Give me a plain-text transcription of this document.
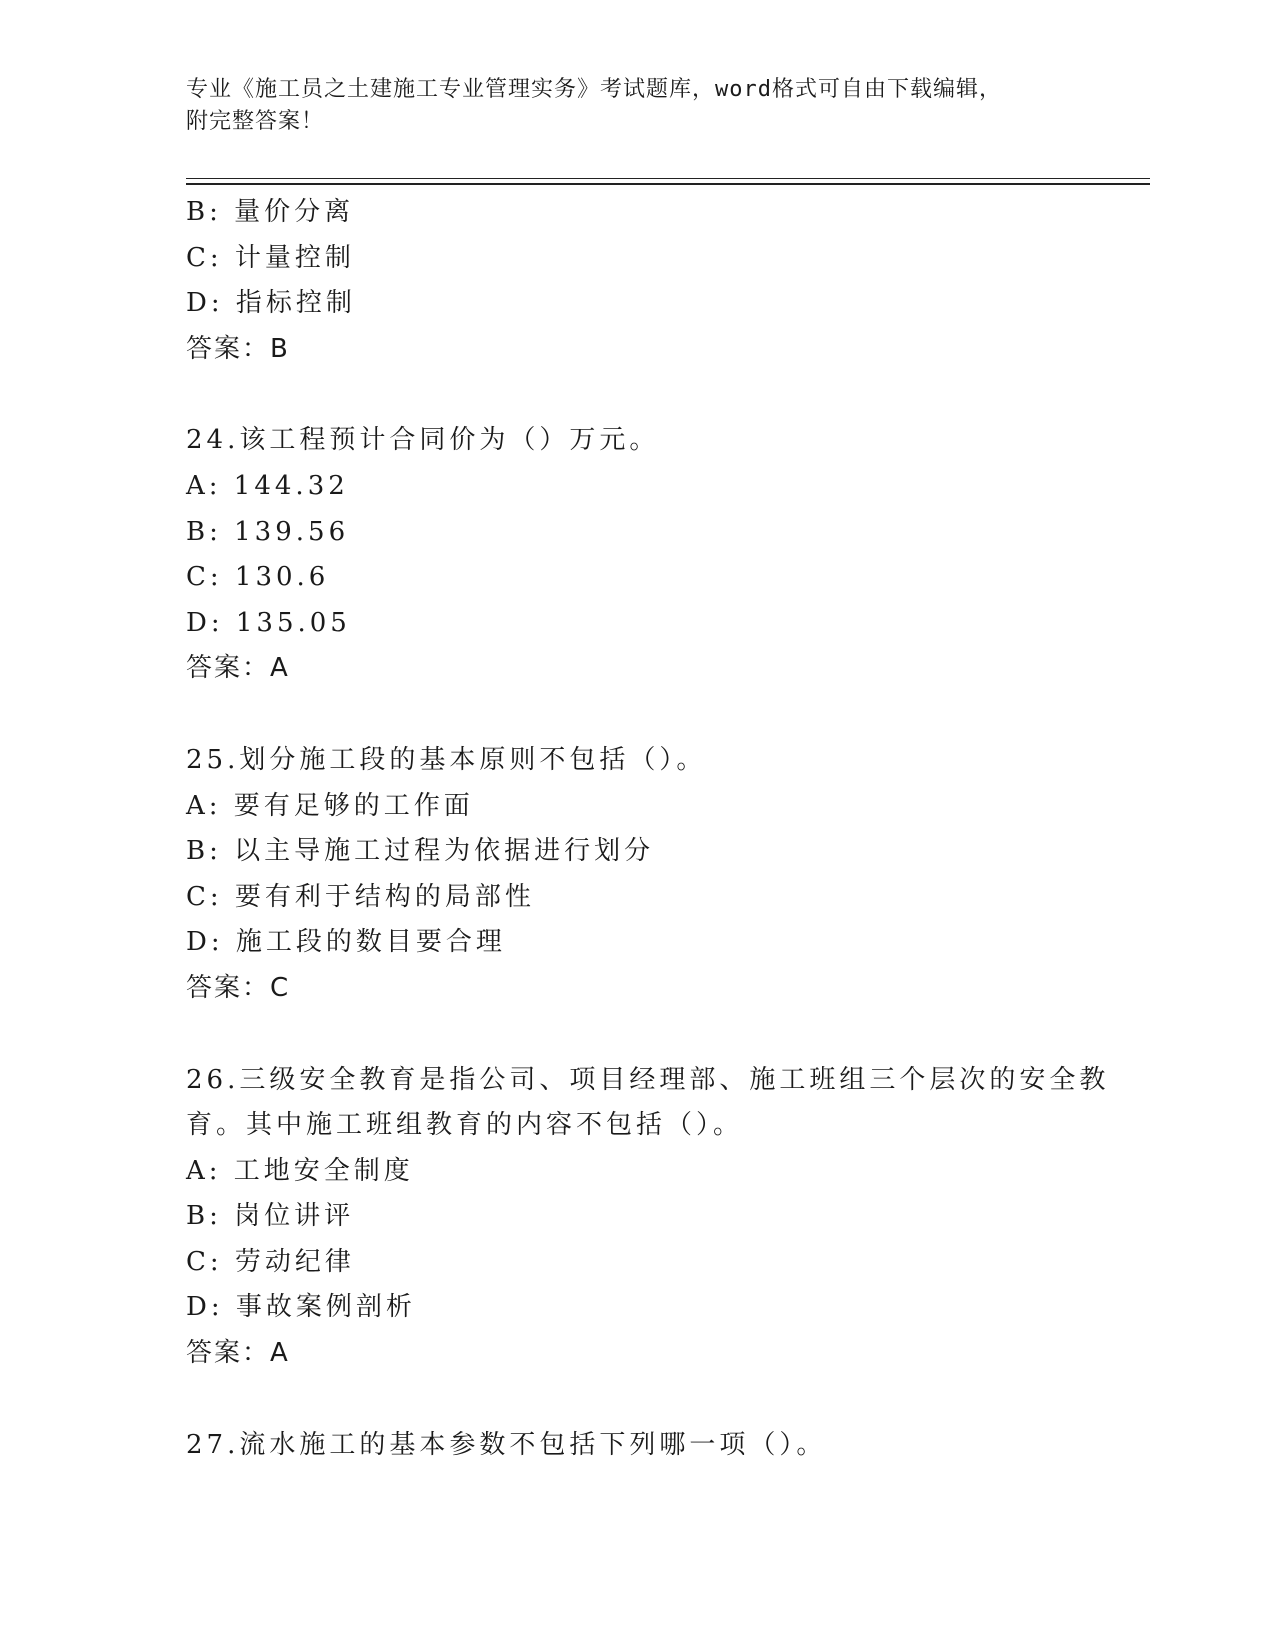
专业《施工员之土建施工专业管理实务》考试题库，word格式可自由下载编辑，
附完整答案！
B: 量价分离
C: 计量控制
D: 指标控制
答案：B
24.该工程预计合同价为（）万元。
A: 144.32
B: 139.56
C: 130.6
D: 135.05
答案：A
25.划分施工段的基本原则不包括（）。
A: 要有足够的工作面
B: 以主导施工过程为依据进行划分
C: 要有利于结构的局部性
D: 施工段的数目要合理
答案：C
26.三级安全教育是指公司、项目经理部、施工班组三个层次的安全教
育。其中施工班组教育的内容不包括（）。
A: 工地安全制度
B: 岗位讲评
C: 劳动纪律
D: 事故案例剖析
答案：A
27.流水施工的基本参数不包括下列哪一项（）。
